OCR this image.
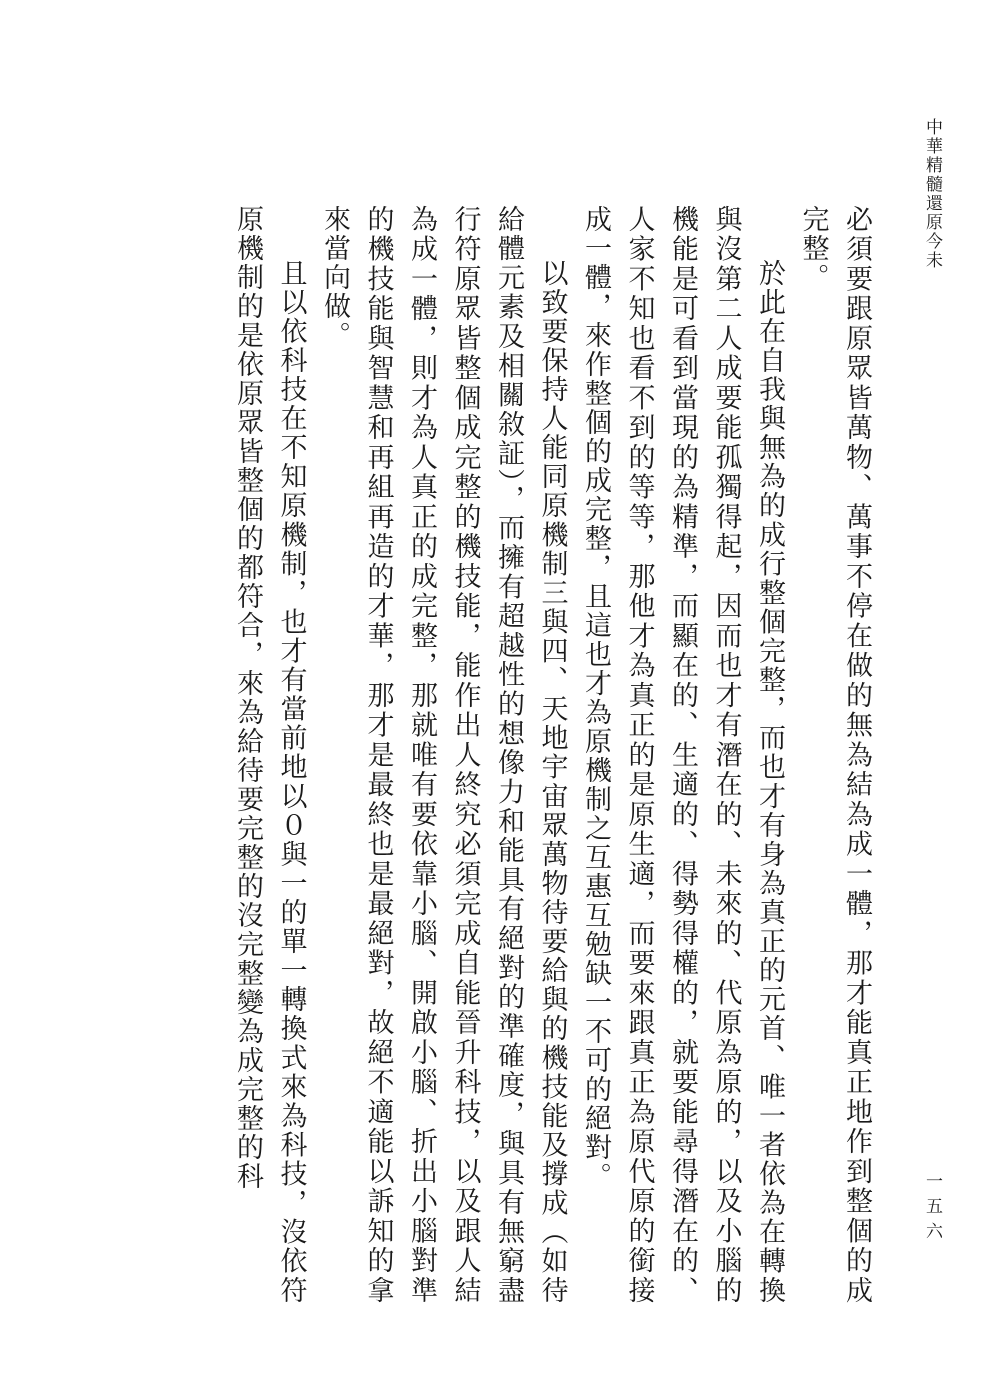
中華精髓還原今未

必須要跟原眾皆萬物、萬事不停在做的無為結為成一體，那才能真正地作到整個的成完整。

於此在自我與無為的成行整個完整，而也才有身為真正的元首、唯一者依為在轉換與沒第二人成要能孤獨得起，因而也才有潛在的、未來的、代原為原的，以及小腦的機能是可看到當現的為精準，而顯在的、生適的、得勢得權的，就要能尋得潛在的、人家不知也看不到的等等，那他才為真正的是原生適，而要來跟真正為原代原的銜接成一體，來作整個的成完整，且這也才為原機制之互惠互勉缺一不可的絕對。

以致要保持人能同原機制三與四、天地宇宙眾萬物待要給與的機技能及撐成（如待給體元素及相關敘証），而擁有超越性的想像力和能具有絕對的準確度，與具有無窮盡行符原眾皆整個成完整的機技能，能作出人終究必須完成自能晉升科技，以及跟人結為成一體，則才為人真正的成完整，那就唯有要依靠小腦、開啟小腦、折出小腦對準的機技能與智慧和再組再造的才華，那才是最終也是最絕對，故絕不適能以訴知的拿來當向做。

且以依科技在不知原機制，也才有當前地以０與一的單一轉換式來為科技，沒依符原機制的是依原眾皆整個的都符合，來為給待要完整的沒完整變為成完整的科

一五六
